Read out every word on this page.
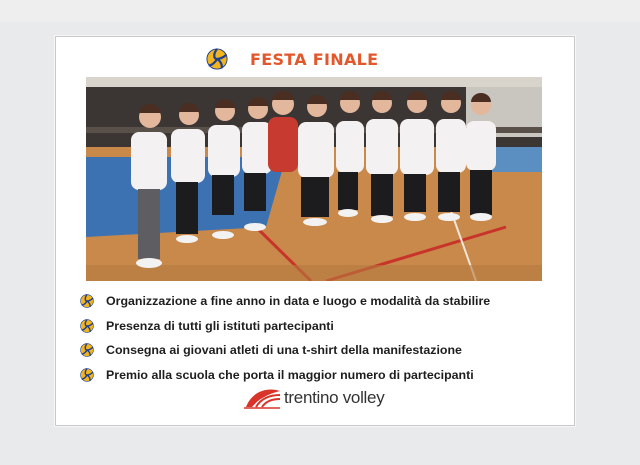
FESTA FINALE
Organizzazione a fine anno in data e luogo e modalità da stabilire
Presenza di tutti gli istituti partecipanti
Consegna ai giovani atleti di una t-shirt della manifestazione
Premio alla scuola che porta il maggior numero di partecipanti
trentino volley
